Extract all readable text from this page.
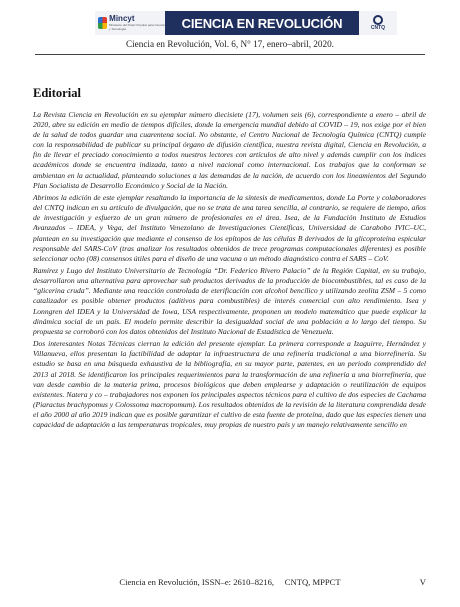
Mincyt
Ministerio del Poder Popular para Ciencia y Tecnología	CIENCIA EN REVOLUCIÓN	CNTQ
Ciencia en Revolución, Vol. 6, N° 17, enero–abril, 2020.
Editorial

La Revista Ciencia en Revolución en su ejemplar número diecisiete (17), volumen seis (6), correspondiente a enero – abril de 2020, abre su edición en medio de tiempos difíciles, donde la emergencia mundial debido al COVID – 19, nos exige por el bien de la salud de todos guardar una cuarentena social. No obstante, el Centro Nacional de Tecnología Química (CNTQ) cumple con la responsabilidad de publicar su principal órgano de difusión científica, nuestra revista digital, Ciencia en Revolución, a fin de llevar el preciado conocimiento a todos nuestros lectores con artículos de alto nivel y además cumplir con los índices académicos donde se encuentra indizada, tanto a nivel nacional como internacional. Los trabajos que la conforman se ambientan en la actualidad, planteando soluciones a las demandas de la nación, de acuerdo con los lineamientos del Segundo Plan Socialista de Desarrollo Económico y Social de la Nación.

Abrimos la edición de este ejemplar resaltando la importancia de la síntesis de medicamentos, donde La Porte y colaboradores del CNTQ indican en su artículo de divulgación, que no se trata de una tarea sencilla, al contrario, se requiere de tiempo, años de investigación y esfuerzo de un gran número de profesionales en el área. Isea, de la Fundación Instituto de Estudios Avanzados – IDEA, y Vega, del Instituto Venezolano de Investigaciones Científicas, Universidad de Carabobo IVIC–UC, plantean en su investigación que mediante el consenso de los epítopos de las células B derivados de la glicoproteína espicular responsable del SARS-CoV (tras analizar los resultados obtenidos de trece programas computacionales diferentes) es posible seleccionar ocho (08) consensos útiles para el diseño de una vacuna o un método diagnóstico contra el SARS – CoV.

Ramírez y Lugo del Instituto Universitario de Tecnología “Dr. Federico Rivero Palacio” de la Región Capital, en su trabajo, desarrollaron una alternativa para aprovechar sub productos derivados de la producción de biocombustibles, tal es caso de la “glicerina cruda”. Mediante una reacción controlada de eterificación con alcohol bencílico y utilizando zeolita ZSM – 5 como catalizador es posible obtener productos (aditivos para combustibles) de interés comercial con alto rendimiento. Isea y Lonngren del IDEA y la Universidad de Iowa, USA respectivamente, proponen un modelo matemático que puede explicar la dinámica social de un país. El modelo permite describir la desigualdad social de una población a lo largo del tiempo. Su propuesta se corroboró con los datos obtenidos del Instituto Nacional de Estadística de Venezuela.

Dos interesantes Notas Técnicas cierran la edición del presente ejemplar. La primera corresponde a Izaguirre, Hernández y Villanueva, ellos presentan la factibilidad de adaptar la infraestructura de una refinería tradicional a una biorrefinería. Su estudio se basa en una búsqueda exhaustiva de la bibliografía, en su mayor parte, patentes, en un periodo comprendido del 2013 al 2018. Se identificaron los principales requerimientos para la transformación de una refinería a una biorrefinería, que van desde cambio de la materia prima, procesos biológicos que deben emplearse y adaptación o reutilización de equipos existentes. Natera y co – trabajadores nos exponen los principales aspectos técnicos para el cultivo de dos especies de Cachama (Piaractus brachypomus y Colossoma macropomum). Los resultados obtenidos de la revisión de la literatura comprendida desde el año 2000 al año 2019 indican que es posible garantizar el cultivo de esta fuente de proteína, dado que las especies tienen una capacidad de adaptación a las temperaturas tropicales, muy propias de nuestro país y un manejo relativamente sencillo en

Ciencia en Revolución, ISSN–e: 2610–8216,     CNTQ, MPPCT	V
